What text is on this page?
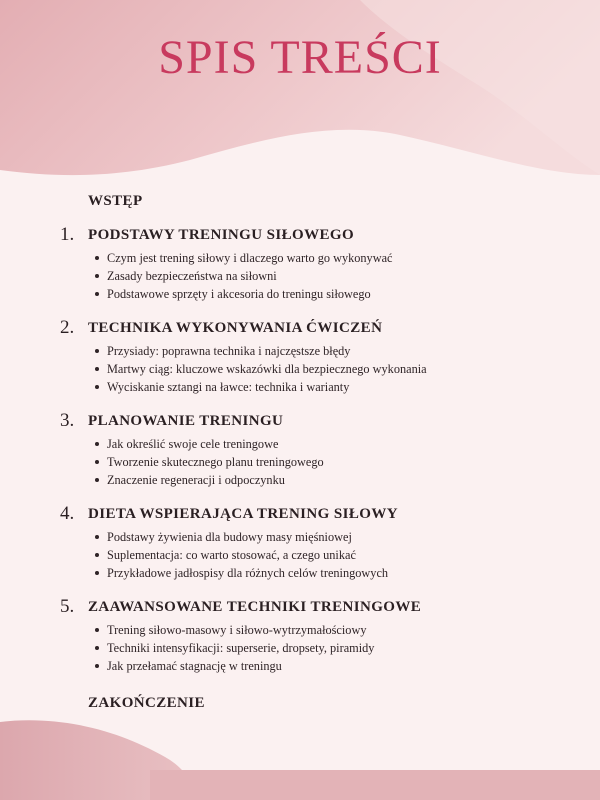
SPIS TREŚCI

WSTĘP

1. PODSTAWY TRENINGU SIŁOWEGO

Czym jest trening siłowy i dlaczego warto go wykonywać
Zasady bezpieczeństwa na siłowni
Podstawowe sprzęty i akcesoria do treningu siłowego
2. TECHNIKA WYKONYWANIA ĆWICZEŃ

Przysiady: poprawna technika i najczęstsze błędy
Martwy ciąg: kluczowe wskazówki dla bezpiecznego wykonania
Wyciskanie sztangi na ławce: technika i warianty
3. PLANOWANIE TRENINGU

Jak określić swoje cele treningowe
Tworzenie skutecznego planu treningowego
Znaczenie regeneracji i odpoczynku
4. DIETA WSPIERAJĄCA TRENING SIŁOWY

Podstawy żywienia dla budowy masy mięśniowej
Suplementacja: co warto stosować, a czego unikać
Przykładowe jadłospisy dla różnych celów treningowych
5. ZAAWANSOWANE TECHNIKI TRENINGOWE

Trening siłowo-masowy i siłowo-wytrzymałościowy
Techniki intensyfikacji: superserie, dropsety, piramidy
Jak przełamać stagnację w treningu

ZAKOŃCZENIE
